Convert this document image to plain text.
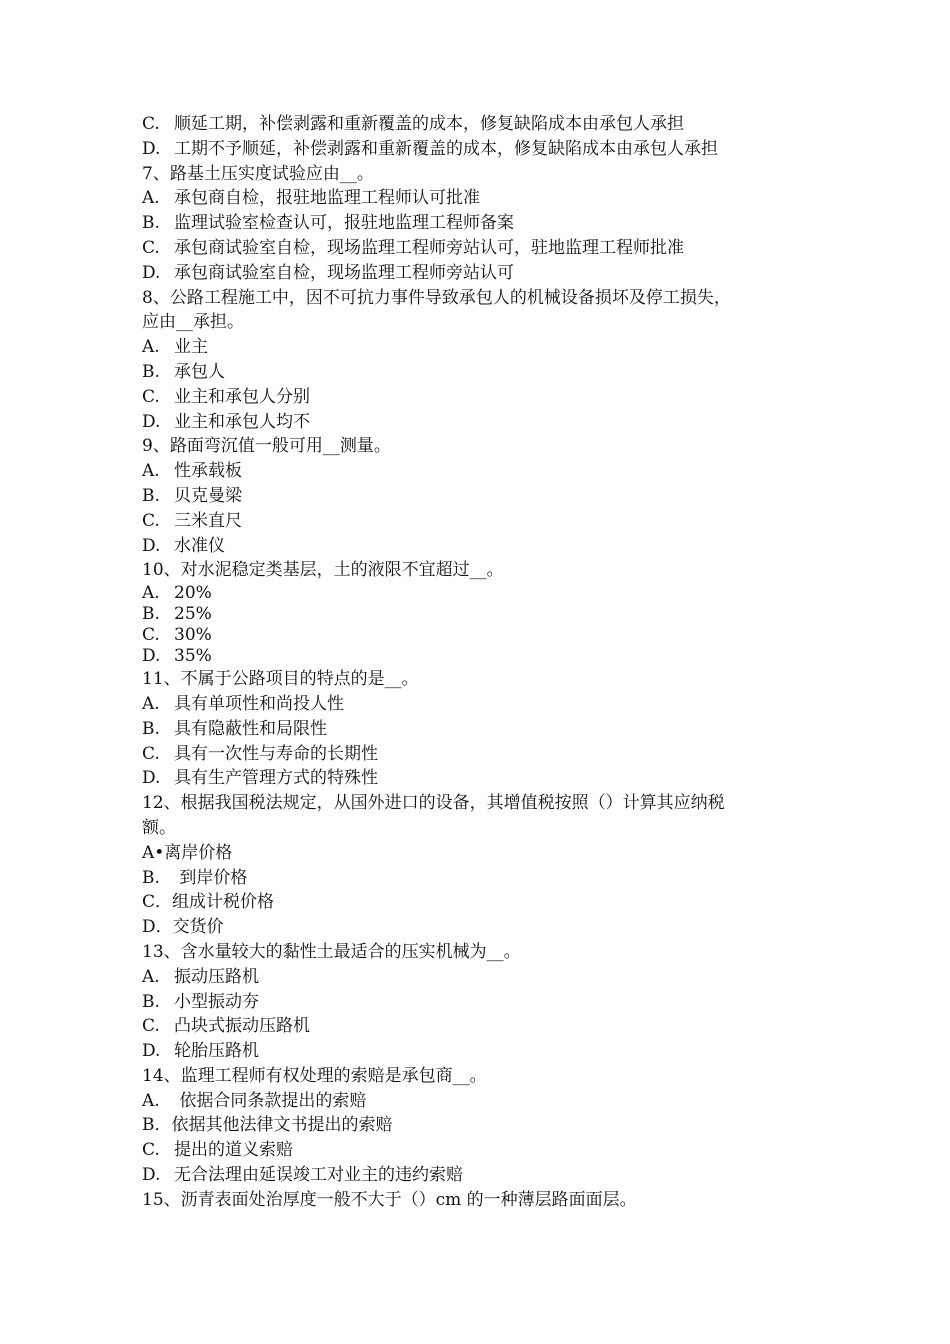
C. 顺延工期，补偿剥露和重新覆盖的成本，修复缺陷成本由承包人承担
D. 工期不予顺延，补偿剥露和重新覆盖的成本，修复缺陷成本由承包人承担
7、路基土压实度试验应由__。
A. 承包商自检，报驻地监理工程师认可批准
B. 监理试验室检查认可，报驻地监理工程师备案
C. 承包商试验室自检，现场监理工程师旁站认可，驻地监理工程师批准
D. 承包商试验室自检，现场监理工程师旁站认可
8、公路工程施工中，因不可抗力事件导致承包人的机械设备损坏及停工损失，
应由__承担。
A. 业主
B. 承包人
C. 业主和承包人分别
D. 业主和承包人均不
9、路面弯沉值一般可用__测量。
A. 性承载板
B. 贝克曼梁
C. 三米直尺
D. 水准仪
10、对水泥稳定类基层，土的液限不宜超过__。
A. 20%
B. 25%
C. 30%
D. 35%
11、不属于公路项目的特点的是__。
A. 具有单项性和尚投人性
B. 具有隐蔽性和局限性
C. 具有一次性与寿命的长期性
D. 具有生产管理方式的特殊性
12、根据我国税法规定，从国外进口的设备，其增值税按照（）计算其应纳税
额。
A•离岸价格
B. 到岸价格
C．组成计税价格
D．交货价
13、含水量较大的黏性土最适合的压实机械为__。
A. 振动压路机
B. 小型振动夯
C. 凸块式振动压路机
D. 轮胎压路机
14、监理工程师有权处理的索赔是承包商__。
A. 依据合同条款提出的索赔
B．依据其他法律文书提出的索赔
C. 提出的道义索赔
D. 无合法理由延误竣工对业主的违约索赔
15、沥青表面处治厚度一般不大于（）cm 的一种薄层路面面层。
